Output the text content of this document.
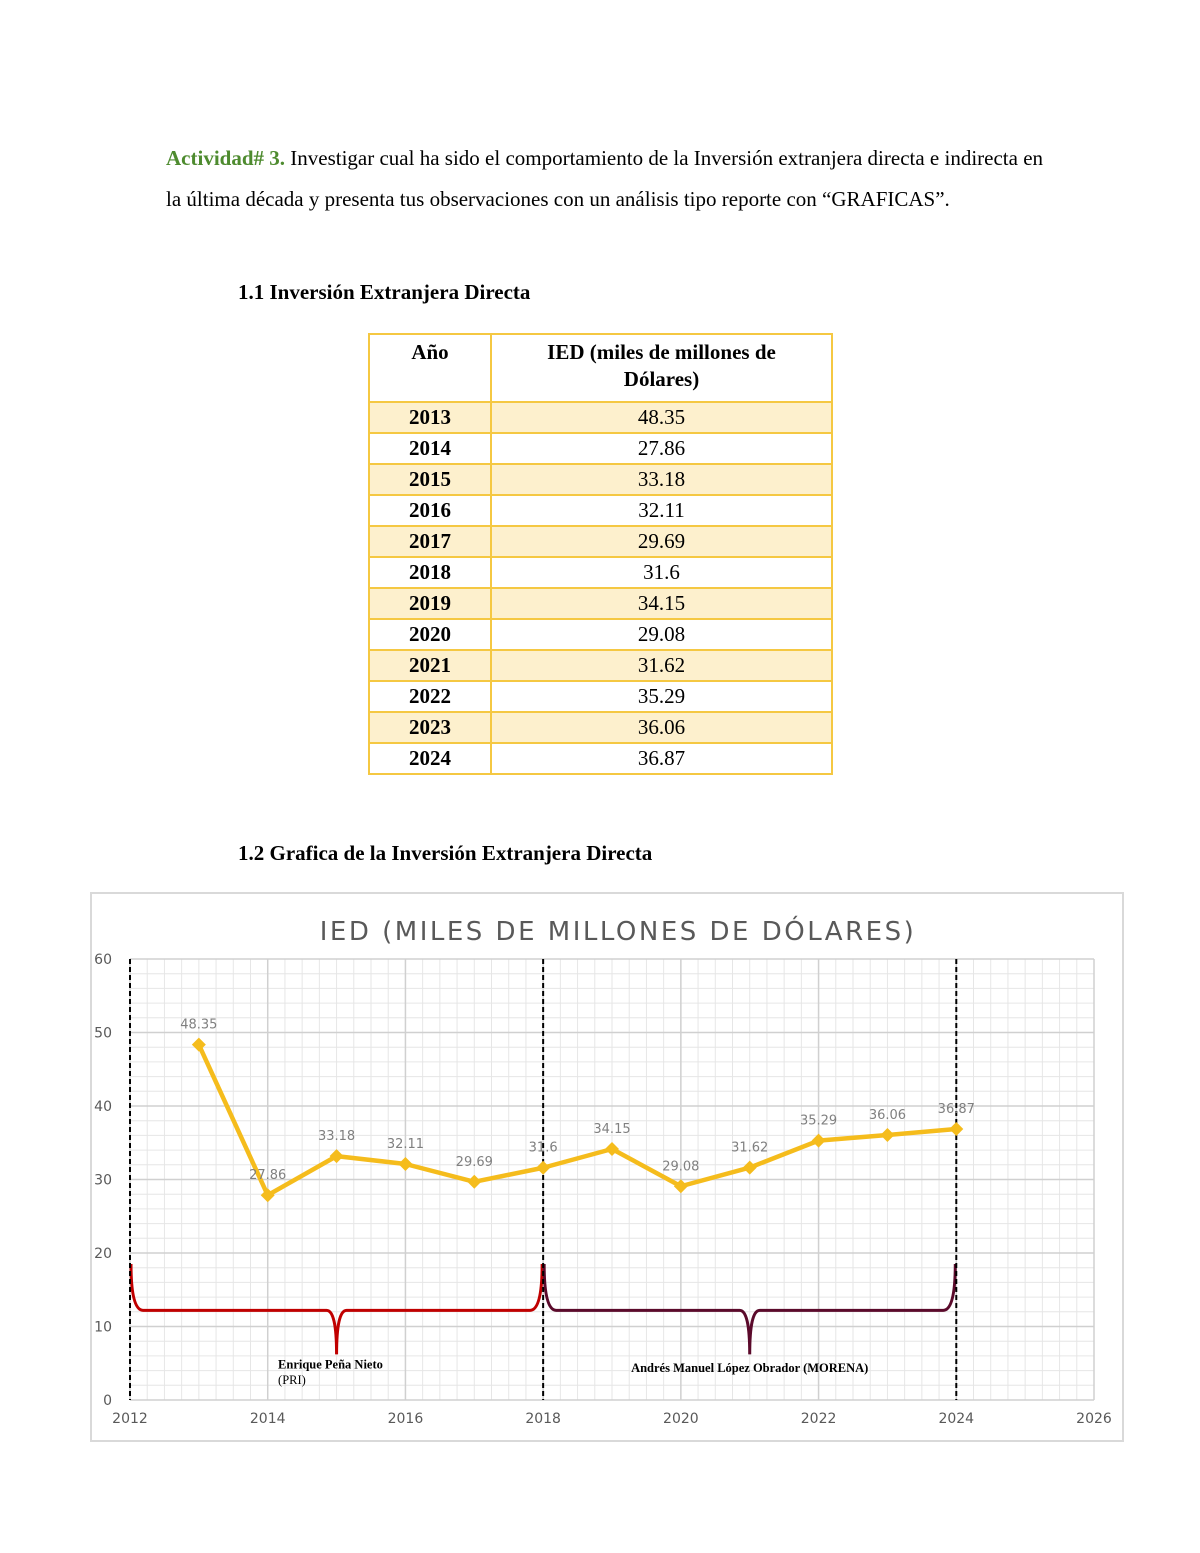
Actividad# 3. Investigar cual ha sido el comportamiento de la Inversión extranjera directa e indirecta en la última década y presenta tus observaciones con un análisis tipo reporte con “GRAFICAS”.
1.1 Inversión Extranjera Directa
Año	IED (miles de millones de Dólares)
2013	48.35
2014	27.86
2015	33.18
2016	32.11
2017	29.69
2018	31.6
2019	34.15
2020	29.08
2021	31.62
2022	35.29
2023	36.06
2024	36.87
1.2 Grafica de la Inversión Extranjera Directa
IED (MILES DE MILLONES DE DÓLARES)
0
10
20
30
40
50
60
2012	2014	2016	2018	2020	2022	2024	2026
Enrique Peña Nieto
(PRI)
Andrés Manuel López Obrador (MORENA)
48.35
27.86
33.18
32.11
29.69
31.6
34.15
29.08
31.62
35.29 36.06 36.87
